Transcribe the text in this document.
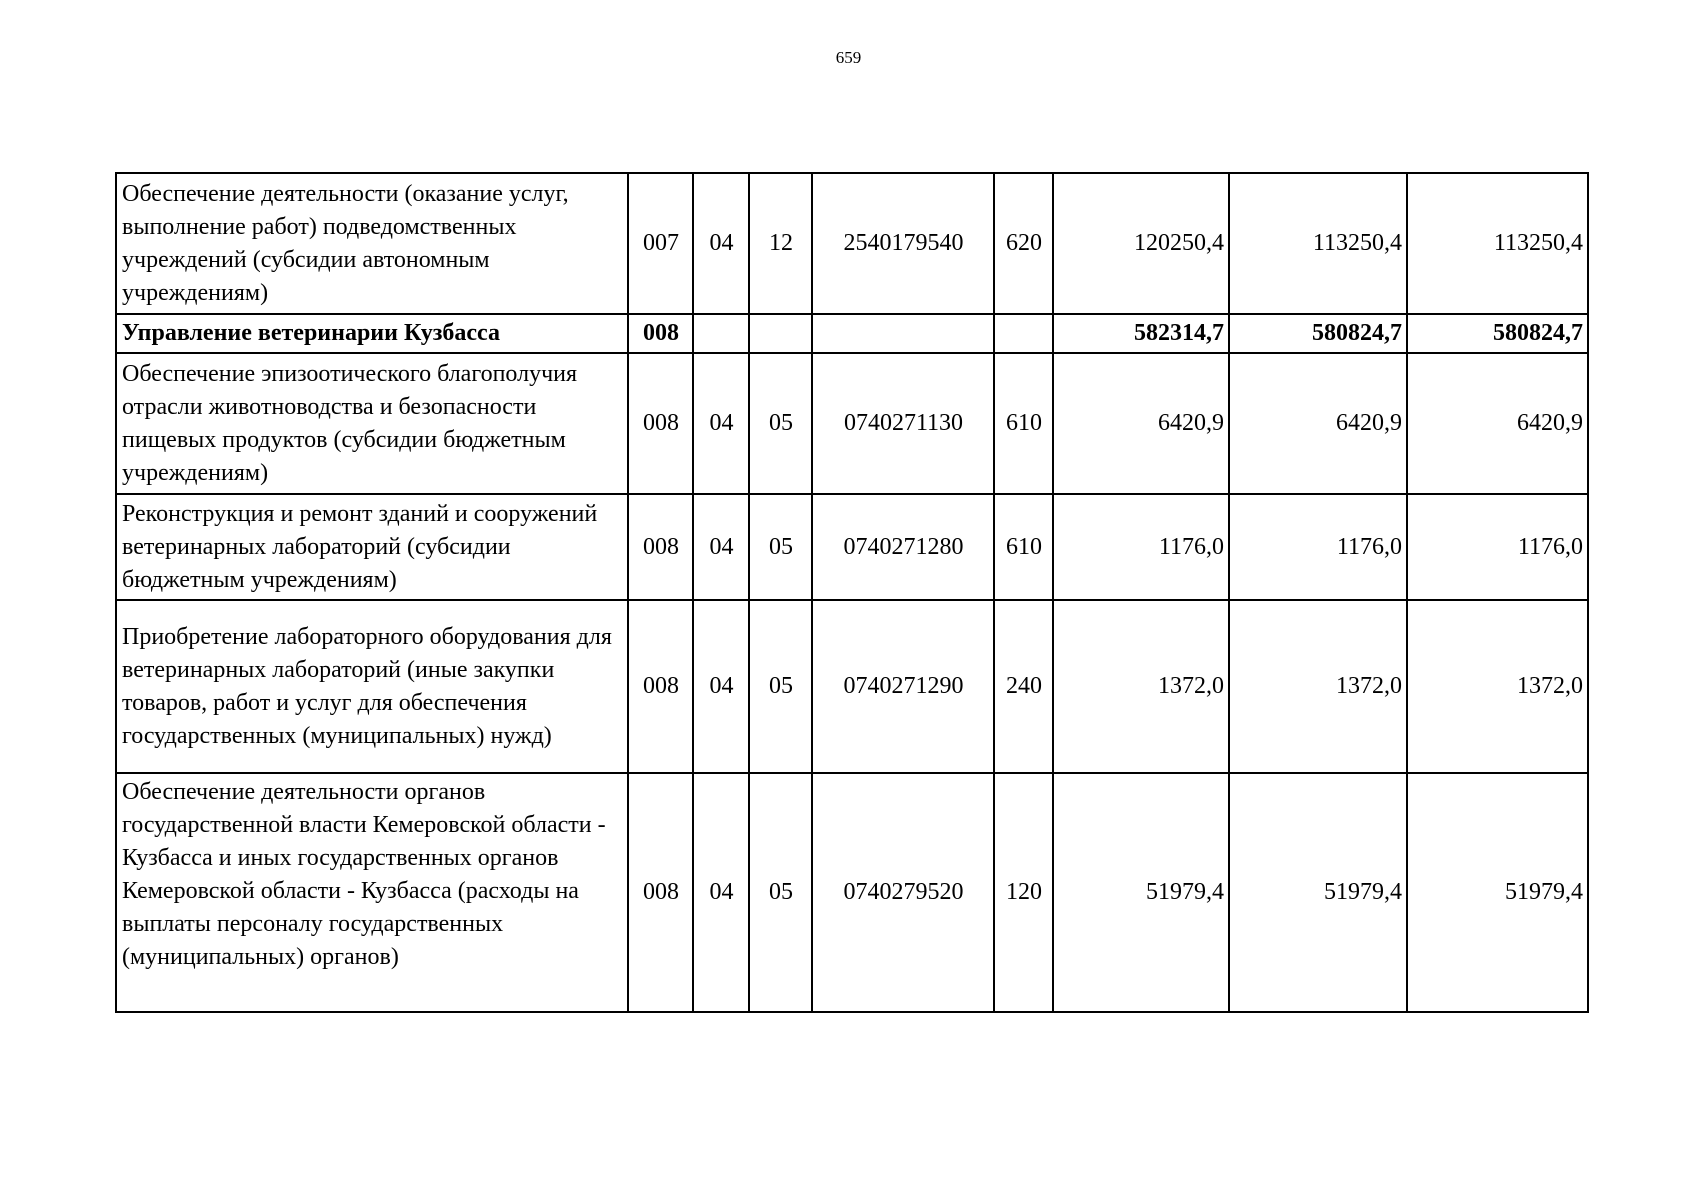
659
Обеспечение деятельности (оказание услуг, выполнение работ) подведомственных учреждений (субсидии автономным учреждениям)	007	04	12	2540179540	620	120250,4	113250,4	113250,4
Управление ветеринарии Кузбасса	008					582314,7	580824,7	580824,7
Обеспечение эпизоотического благополучия отрасли животноводства и безопасности пищевых продуктов (субсидии бюджетным учреждениям)	008	04	05	0740271130	610	6420,9	6420,9	6420,9
Реконструкция и ремонт зданий и сооружений ветеринарных лабораторий (субсидии бюджетным учреждениям)	008	04	05	0740271280	610	1176,0	1176,0	1176,0
Приобретение лабораторного оборудования для ветеринарных лабораторий (иные закупки товаров, работ и услуг для обеспечения государственных (муниципальных) нужд)	008	04	05	0740271290	240	1372,0	1372,0	1372,0
Обеспечение деятельности органов государственной власти Кемеровской области - Кузбасса и иных государственных органов Кемеровской области - Кузбасса (расходы на выплаты персоналу государственных (муниципальных) органов)	008	04	05	0740279520	120	51979,4	51979,4	51979,4
